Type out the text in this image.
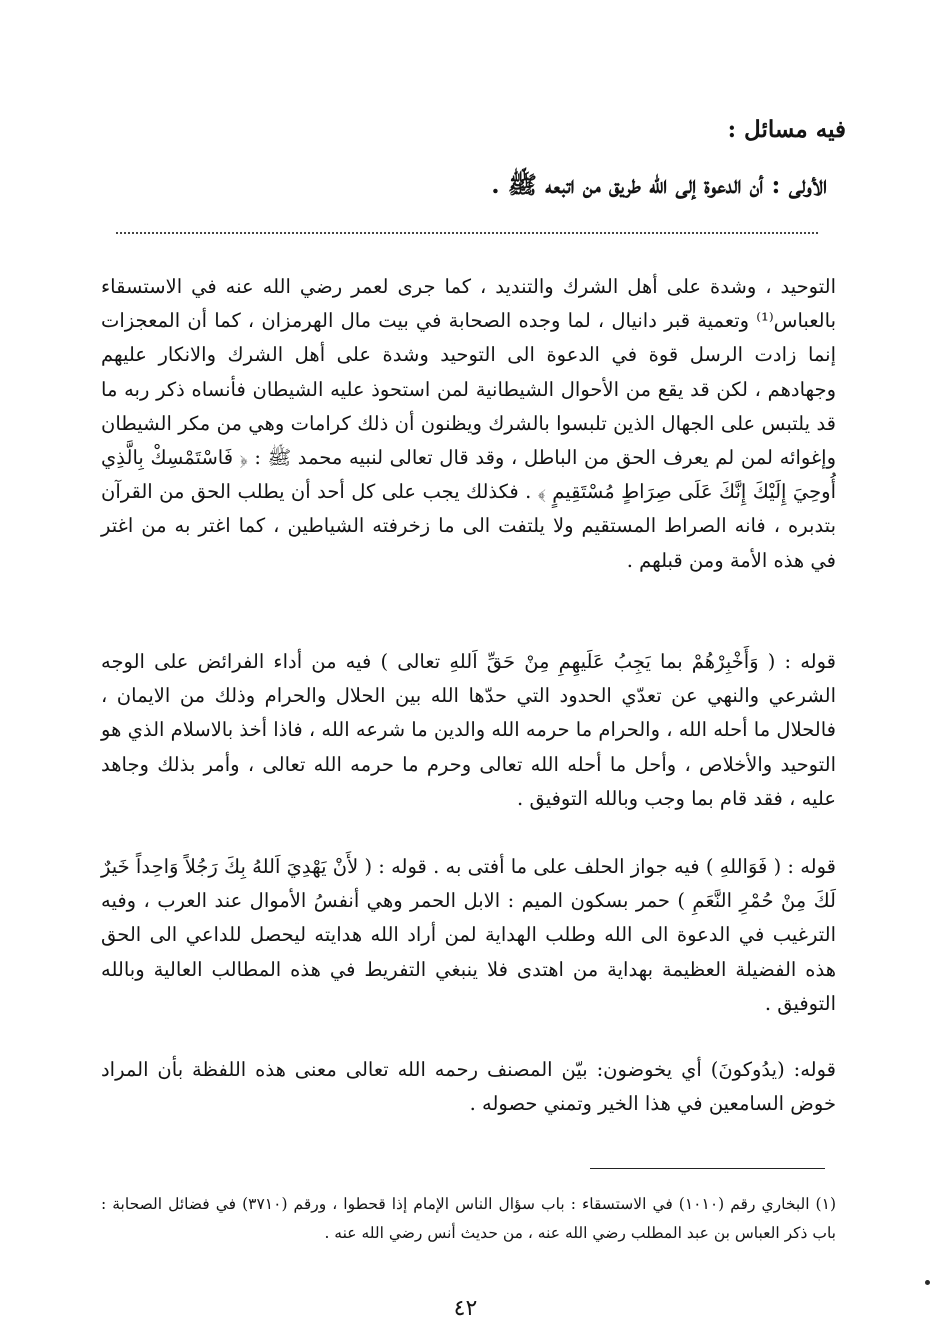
فيه مسائل :
الأولى : أن الدعوة إلى الله طريق من اتبعه ﷺ .
التوحيد ، وشدة على أهل الشرك والتنديد ، كما جرى لعمر رضي الله عنه في الاستسقاء بالعباس⁽¹⁾ وتعمية قبر دانيال ، لما وجده الصحابة في بيت مال الهرمزان ، كما أن المعجزات إنما زادت الرسل قوة في الدعوة الى التوحيد وشدة على أهل الشرك والانكار عليهم وجهادهم ، لكن قد يقع من الأحوال الشيطانية لمن استحوذ عليه الشيطان فأنساه ذكر ربه ما قد يلتبس على الجهال الذين تلبسوا بالشرك ويظنون أن ذلك كرامات وهي من مكر الشيطان وإغوائه لمن لم يعرف الحق من الباطل ، وقد قال تعالى لنبيه محمد ﷺ : ﴿ فَاسْتَمْسِكْ بِالَّذِي أُوحِيَ إِلَيْكَ إِنَّكَ عَلَى صِرَاطٍ مُسْتَقِيمٍ ﴾ . فكذلك يجب على كل أحد أن يطلب الحق من القرآن بتدبره ، فانه الصراط المستقيم ولا يلتفت الى ما زخرفته الشياطين ، كما اغتر به من اغتر في هذه الأمة ومن قبلهم .
قوله : ( وَأَخْبِرْهُمْ بما يَجِبُ عَلَيهِمِ مِنْ حَقِّ اَللهِ تعالى ) فيه من أداء الفرائض على الوجه الشرعي والنهي عن تعدّي الحدود التي حدّها الله بين الحلال والحرام وذلك من الايمان ، فالحلال ما أحله الله ، والحرام ما حرمه الله والدين ما شرعه الله ، فاذا أخذ بالاسلام الذي هو التوحيد والأخلاص ، وأحل ما أحله الله تعالى وحرم ما حرمه الله تعالى ، وأمر بذلك وجاهد عليه ، فقد قام بما وجب وبالله التوفيق .
قوله : ( فَوَاللهِ ) فيه جواز الحلف على ما أفتى به . قوله : ( لأَنْ يَهْدِيَ اَللهُ بِكَ رَجُلاً وَاحِداً خَيرٌ لَكَ مِنْ حُمْرِ النَّعَمِ ) حمر بسكون الميم : الابل الحمر وهي أنفسُ الأموال عند العرب ، وفيه الترغيب في الدعوة الى الله وطلب الهداية لمن أراد الله هدايته ليحصل للداعي الى الحق هذه الفضيلة العظيمة بهداية من اهتدى فلا ينبغي التفريط في هذه المطالب العالية وبالله التوفيق .
قوله: (يدُوكونَ) أي يخوضون: بيّن المصنف رحمه الله تعالى معنى هذه اللفظة بأن المراد خوض السامعين في هذا الخير وتمني حصوله .
(١) البخاري رقم (١٠١٠) في الاستسقاء : باب سؤال الناس الإمام إذا قحطوا ، ورقم (٣٧١٠) في فضائل الصحابة : باب ذكر العباس بن عبد المطلب رضي الله عنه ، من حديث أنس رضي الله عنه .
٤٢
